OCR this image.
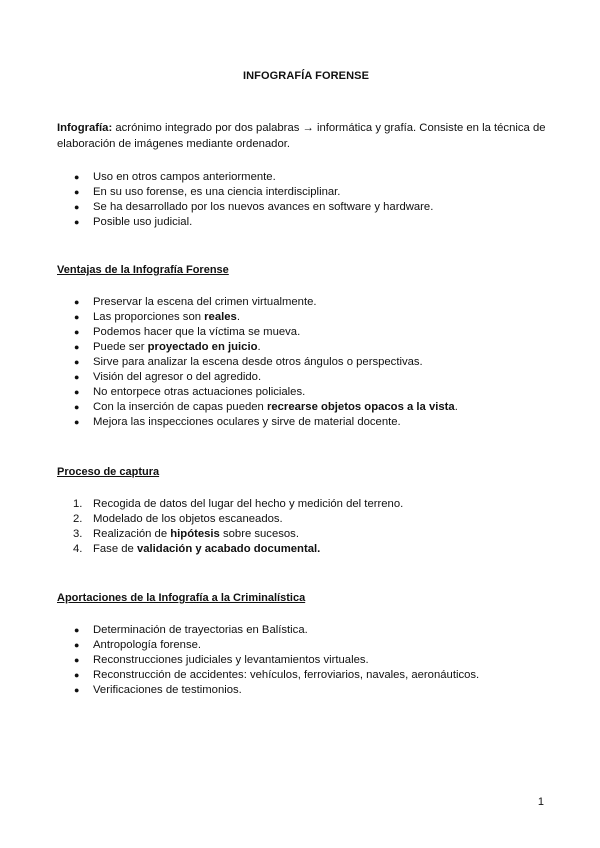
INFOGRAFÍA FORENSE

Infografía: acrónimo integrado por dos palabras → informática y grafía. Consiste en la técnica de elaboración de imágenes mediante ordenador.

● Uso en otros campos anteriormente.
● En su uso forense, es una ciencia interdisciplinar.
● Se ha desarrollado por los nuevos avances en software y hardware.
● Posible uso judicial.
Ventajas de la Infografía Forense
● Preservar la escena del crimen virtualmente.
● Las proporciones son reales.
● Podemos hacer que la víctima se mueva.
● Puede ser proyectado en juicio.
● Sirve para analizar la escena desde otros ángulos o perspectivas.
● Visión del agresor o del agredido.
● No entorpece otras actuaciones policiales.
● Con la inserción de capas pueden recrearse objetos opacos a la vista.
● Mejora las inspecciones oculares y sirve de material docente.
Proceso de captura
1. Recogida de datos del lugar del hecho y medición del terreno.
2. Modelado de los objetos escaneados.
3. Realización de hipótesis sobre sucesos.
4. Fase de validación y acabado documental.
Aportaciones de la Infografía a la Criminalística
● Determinación de trayectorias en Balística.
● Antropología forense.
● Reconstrucciones judiciales y levantamientos virtuales.
● Reconstrucción de accidentes: vehículos, ferroviarios, navales, aeronáuticos.
● Verificaciones de testimonios.
1
